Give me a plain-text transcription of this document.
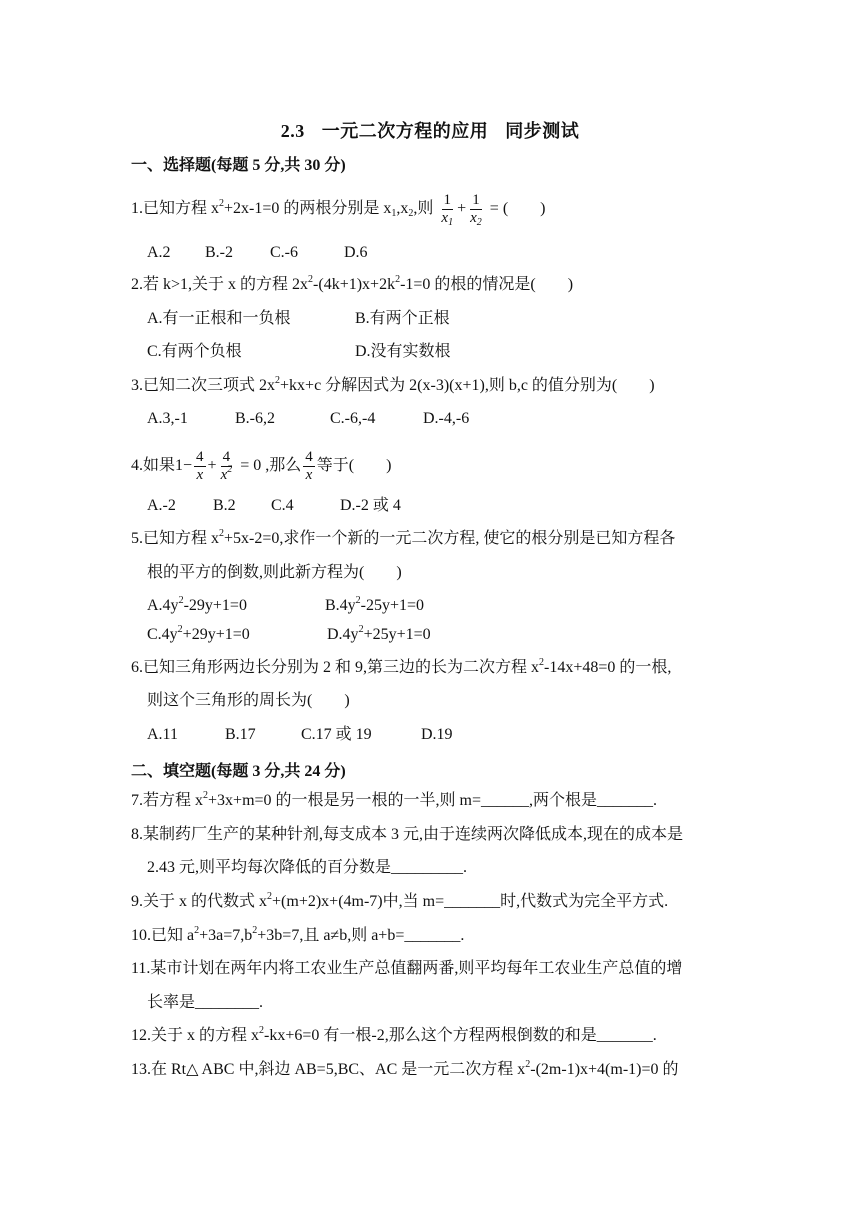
2.3 一元二次方程的应用 同步测试
一、选择题(每题 5 分,共 30 分)
1.已知方程 $x^2+2x-1=0$ 的两根分别是 $x_1,x_2$,则 $\frac{1}{x_1} + \frac{1}{x_2}$ = (　　)
A.2 B.-2 C.-6	D.6
2.若 k>1,关于 x 的方程 $2x^2-(4k+1)x+2k^2-1=0$ 的根的情况是(　　)
A.有一正根和一负根	B.有两个正根
C.有两个负根	D.没有实数根
3.已知二次三项式 $2x^2+kx+c$ 分解因式为 2(x-3)(x+1),则 b,c 的值分别为(　　)
A.3,-1	B.-6,2	C.-6,-4	D.-4,-6
4.如果$1- \frac{4}{x} + \frac{4}{x^2} = 0$ ,那么 $\frac{4}{x}$ 等于(　　)
A.-2 B.2 C.4	D.-2 或 4
5.已知方程 $x^2+5x-2=0$,求作一个新的一元二次方程, 使它的根分别是已知方程各
根的平方的倒数,则此新方程为(　　)
$A.4y^2-29y+1=0$	$B.4y^2-25y+1=0$
$C.4y^2+29y+1=0$	$D.4y^2+25y+1=0$
6.已知三角形两边长分别为 2 和 9,第三边的长为二次方程 $x^2-14x+48=0$ 的一根,
则这个三角形的周长为(　　)
A.11	B.17	C.17 或 19	D.19
二、填空题(每题 3 分,共 24 分)
7.若方程 $x^2+3x+m=0$ 的一根是另一根的一半,则 m=______,两个根是_______.
8.某制药厂生产的某种针剂,每支成本 3 元,由于连续两次降低成本,现在的成本是
2.43 元,则平均每次降低的百分数是_________.
9.关于 x 的代数式 $x^2+(m+2)x+(4m-7)$中,当 m=_______时,代数式为完全平方式.
10.已知 $a^2+3a=7,b^2+3b=7$,且 a≠b,则 a+b=_______.
11.某市计划在两年内将工农业生产总值翻两番,则平均每年工农业生产总值的增
长率是________.
12.关于 x 的方程 $x^2-kx+6=0$ 有一根-2,那么这个方程两根倒数的和是_______.
13.在 Rt△ ABC 中,斜边 AB=5,BC、AC 是一元二次方程 $x^2-(2m-1)x+4(m-1)=0$ 的
